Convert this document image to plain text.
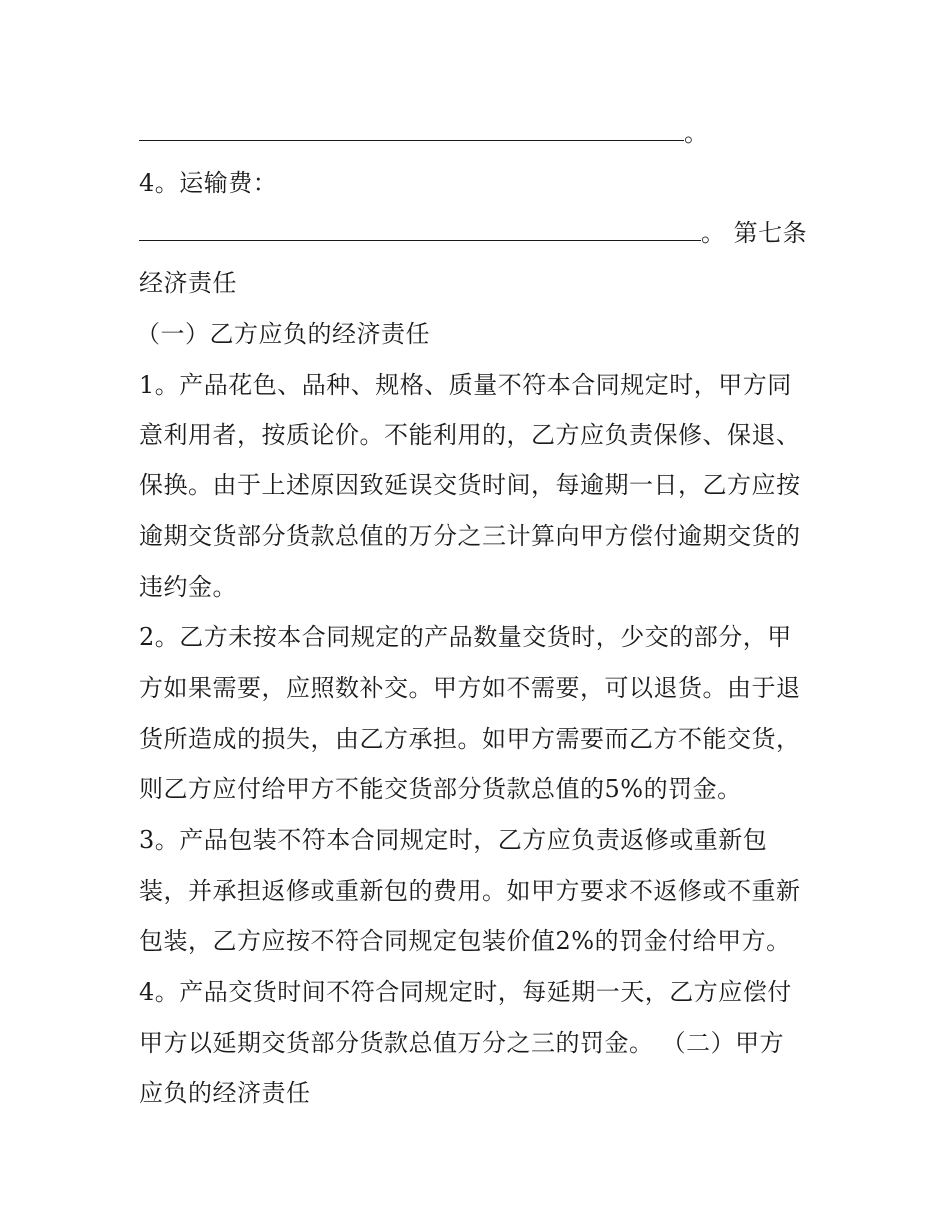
。
4。运输费：
。 第七条
经济责任
（一）乙方应负的经济责任
1。产品花色、品种、规格、质量不符本合同规定时，甲方同
意利用者，按质论价。不能利用的，乙方应负责保修、保退、
保换。由于上述原因致延误交货时间，每逾期一日，乙方应按
逾期交货部分货款总值的万分之三计算向甲方偿付逾期交货的
违约金。
2。乙方未按本合同规定的产品数量交货时，少交的部分，甲
方如果需要，应照数补交。甲方如不需要，可以退货。由于退
货所造成的损失，由乙方承担。如甲方需要而乙方不能交货，
则乙方应付给甲方不能交货部分货款总值的5%的罚金。
3。产品包装不符本合同规定时，乙方应负责返修或重新包
装，并承担返修或重新包的费用。如甲方要求不返修或不重新
包装，乙方应按不符合同规定包装价值2%的罚金付给甲方。
4。产品交货时间不符合同规定时，每延期一天，乙方应偿付
甲方以延期交货部分货款总值万分之三的罚金。 （二）甲方
应负的经济责任
